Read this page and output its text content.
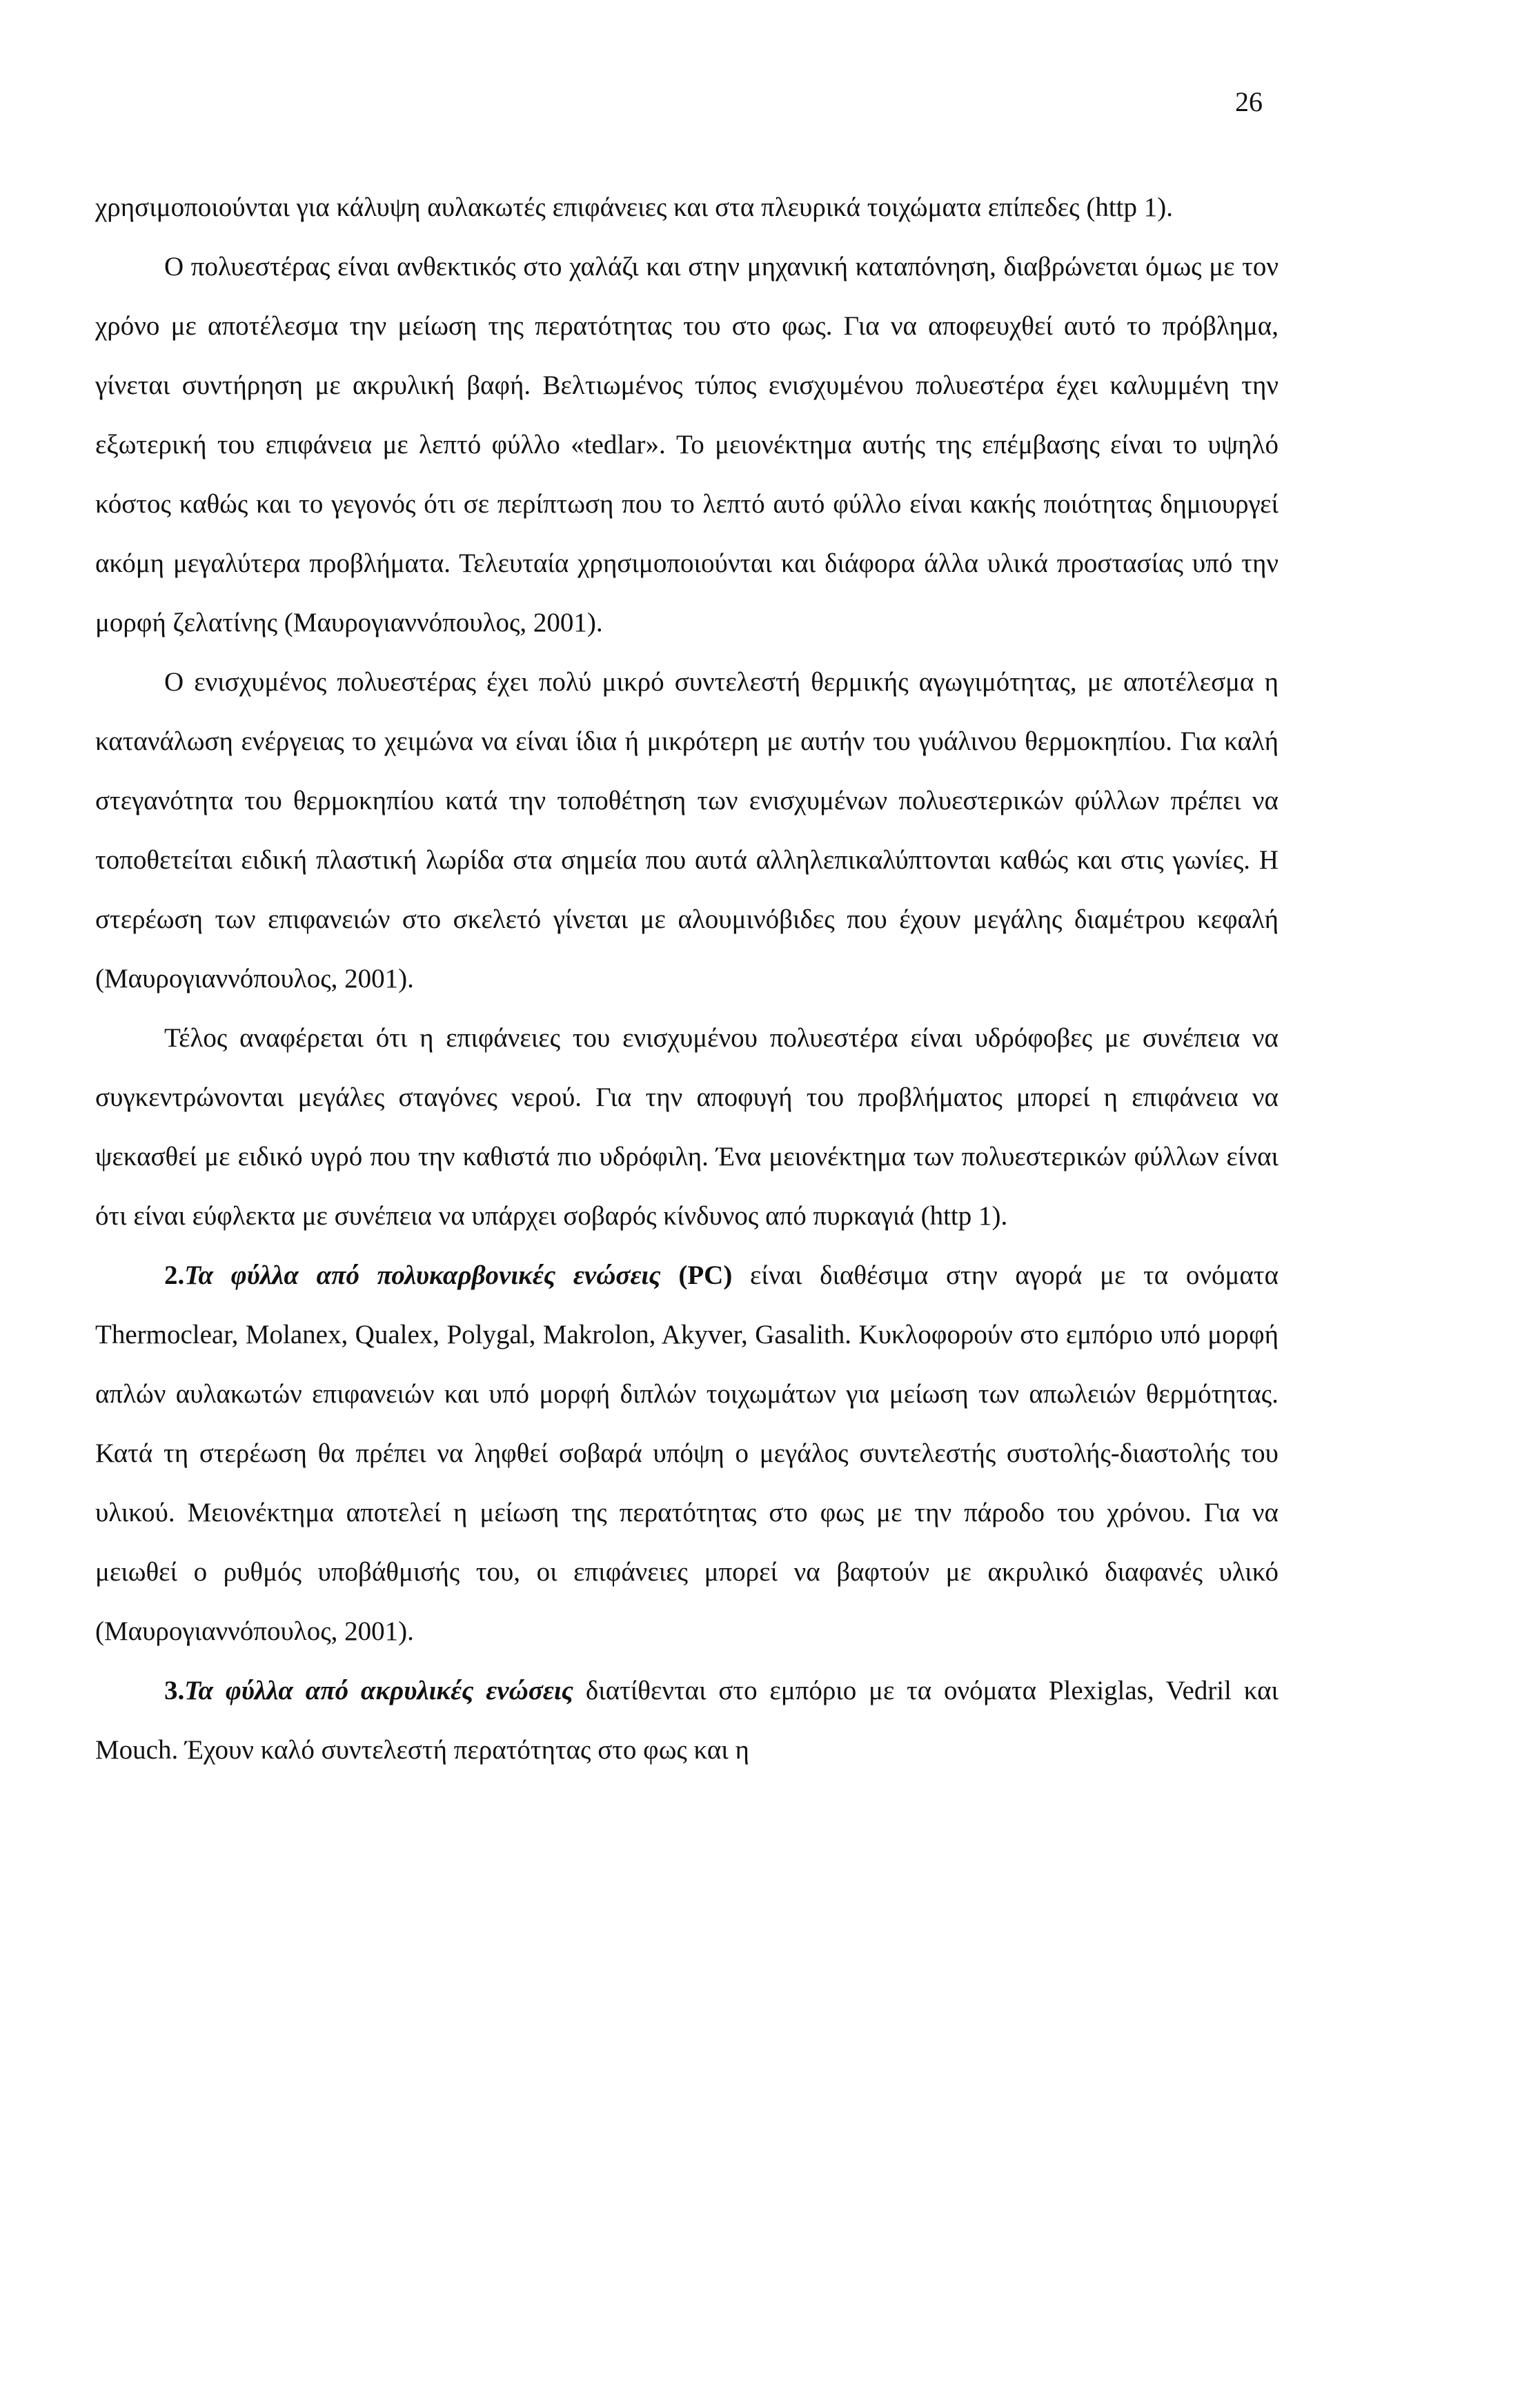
26

χρησιμοποιούνται για κάλυψη αυλακωτές επιφάνειες και στα πλευρικά τοιχώματα επίπεδες (http 1).

Ο πολυεστέρας είναι ανθεκτικός στο χαλάζι και στην μηχανική καταπόνηση, διαβρώνεται όμως με τον χρόνο με αποτέλεσμα την μείωση της περατότητας του στο φως. Για να αποφευχθεί αυτό το πρόβλημα, γίνεται συντήρηση με ακρυλική βαφή. Βελτιωμένος τύπος ενισχυμένου πολυεστέρα έχει καλυμμένη την εξωτερική του επιφάνεια με λεπτό φύλλο «tedlar». Το μειονέκτημα αυτής της επέμβασης είναι το υψηλό κόστος καθώς και το γεγονός ότι σε περίπτωση που το λεπτό αυτό φύλλο είναι κακής ποιότητας δημιουργεί ακόμη μεγαλύτερα προβλήματα. Τελευταία χρησιμοποιούνται και διάφορα άλλα υλικά προστασίας υπό την μορφή ζελατίνης (Μαυρογιαννόπουλος, 2001).

Ο ενισχυμένος πολυεστέρας έχει πολύ μικρό συντελεστή θερμικής αγωγιμότητας, με αποτέλεσμα η κατανάλωση ενέργειας το χειμώνα να είναι ίδια ή μικρότερη με αυτήν του γυάλινου θερμοκηπίου. Για καλή στεγανότητα του θερμοκηπίου κατά την τοποθέτηση των ενισχυμένων πολυεστερικών φύλλων πρέπει να τοποθετείται ειδική πλαστική λωρίδα στα σημεία που αυτά αλληλεπικαλύπτονται καθώς και στις γωνίες. Η στερέωση των επιφανειών στο σκελετό γίνεται με αλουμινόβιδες που έχουν μεγάλης διαμέτρου κεφαλή (Μαυρογιαννόπουλος, 2001).

Τέλος αναφέρεται ότι η επιφάνειες του ενισχυμένου πολυεστέρα είναι υδρόφοβες με συνέπεια να συγκεντρώνονται μεγάλες σταγόνες νερού. Για την αποφυγή του προβλήματος μπορεί η επιφάνεια να ψεκασθεί με ειδικό υγρό που την καθιστά πιο υδρόφιλη. Ένα μειονέκτημα των πολυεστερικών φύλλων είναι ότι είναι εύφλεκτα με συνέπεια να υπάρχει σοβαρός κίνδυνος από πυρκαγιά (http 1).

2.Τα φύλλα από πολυκαρβονικές ενώσεις (PC) είναι διαθέσιμα στην αγορά με τα ονόματα Thermoclear, Molanex, Qualex, Polygal, Makrolon, Akyver, Gasalith. Κυκλοφορούν στο εμπόριο υπό μορφή απλών αυλακωτών επιφανειών και υπό μορφή διπλών τοιχωμάτων για μείωση των απωλειών θερμότητας. Κατά τη στερέωση θα πρέπει να ληφθεί σοβαρά υπόψη ο μεγάλος συντελεστής συστολής-διαστολής του υλικού. Μειονέκτημα αποτελεί η μείωση της περατότητας στο φως με την πάροδο του χρόνου. Για να μειωθεί ο ρυθμός υποβάθμισής του, οι επιφάνειες μπορεί να βαφτούν με ακρυλικό διαφανές υλικό (Μαυρογιαννόπουλος, 2001).

3.Τα φύλλα από ακρυλικές ενώσεις διατίθενται στο εμπόριο με τα ονόματα Plexiglas, Vedril και Mouch. Έχουν καλό συντελεστή περατότητας στο φως και η
